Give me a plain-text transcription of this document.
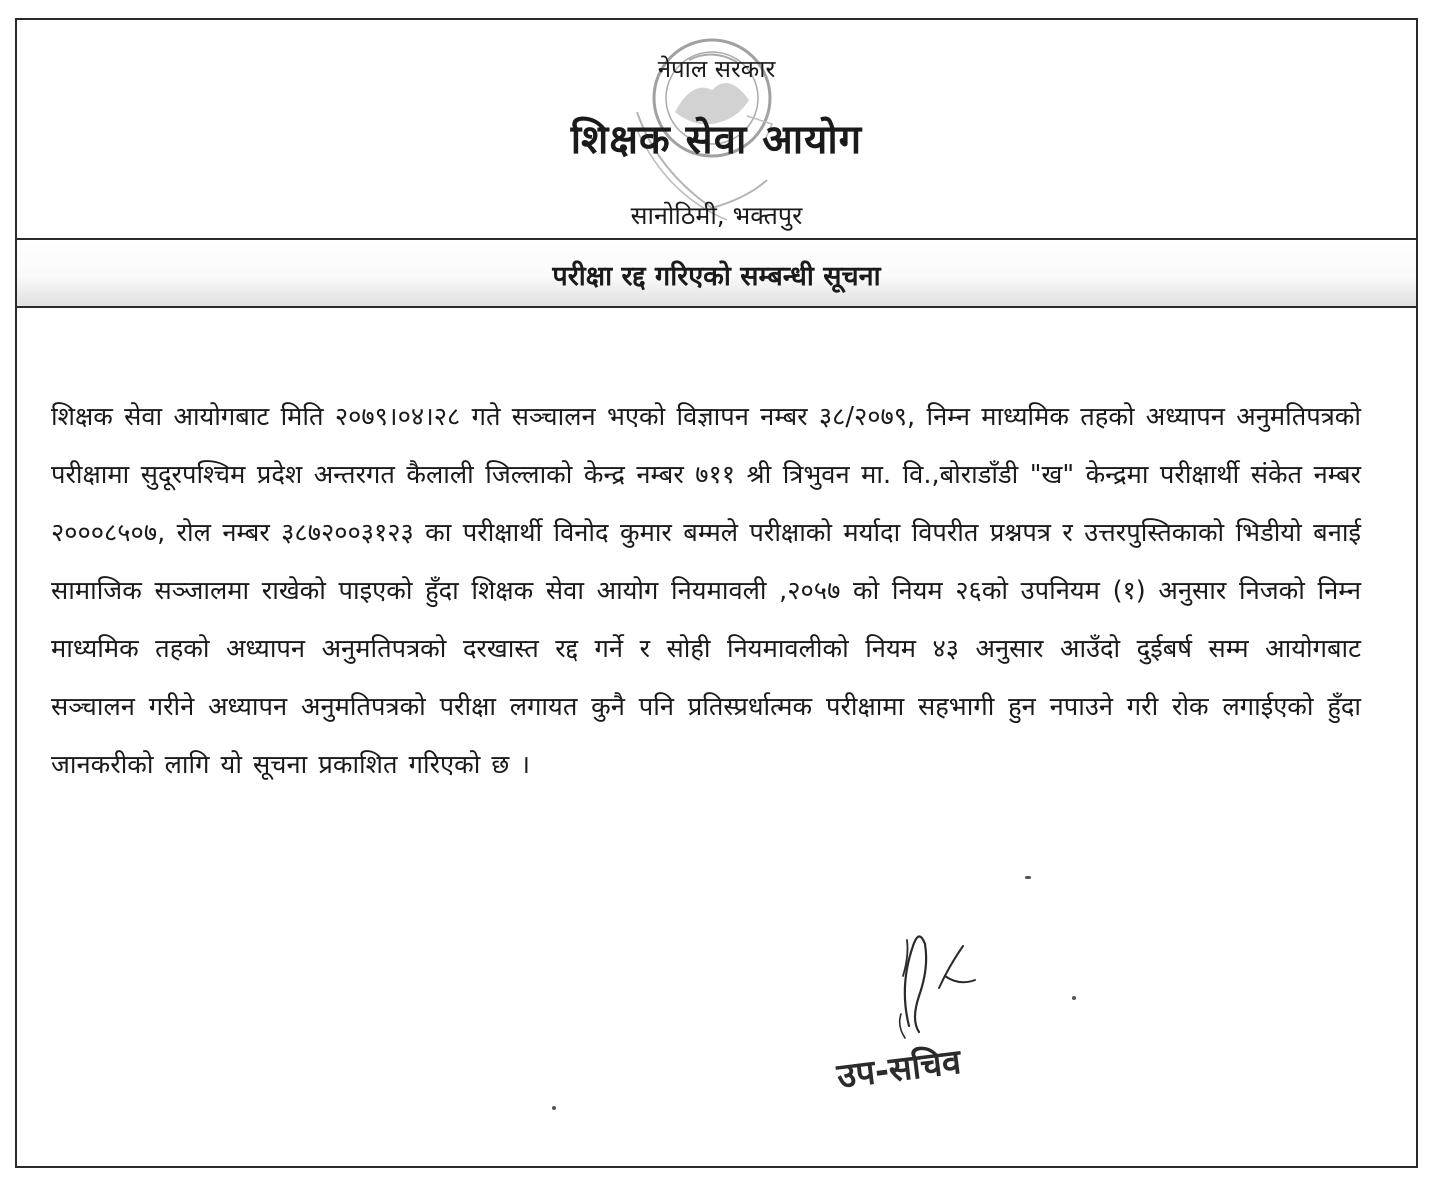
नेपाल सरकार
शिक्षक सेवा आयोग
सानोठिमी, भक्तपुर
परीक्षा रद्द गरिएको सम्बन्धी सूचना
शिक्षक सेवा आयोगबाट मिति २०७९।०४।२८ गते सञ्चालन भएको विज्ञापन नम्बर ३८/२०७९, निम्न माध्यमिक तहको अध्यापन अनुमतिपत्रको परीक्षामा सुदूरपश्चिम प्रदेश अन्तरगत कैलाली जिल्लाको केन्द्र नम्बर ७११ श्री त्रिभुवन मा. वि.,बोराडाँडी "ख" केन्द्रमा परीक्षार्थी संकेत नम्बर २०००८५०७, रोल नम्बर ३८७२००३१२३ का परीक्षार्थी विनोद कुमार बम्मले परीक्षाको मर्यादा विपरीत प्रश्नपत्र र उत्तरपुस्तिकाको भिडीयो बनाई सामाजिक सञ्जालमा राखेको पाइएको हुँदा शिक्षक सेवा आयोग नियमावली ,२०५७ को नियम २६को उपनियम (१) अनुसार निजको निम्न माध्यमिक तहको अध्यापन अनुमतिपत्रको दरखास्त रद्द गर्ने र सोही नियमावलीको नियम ४३ अनुसार आउँदो दुईबर्ष सम्म आयोगबाट सञ्चालन गरीने अध्यापन अनुमतिपत्रको परीक्षा लगायत कुनै पनि प्रतिस्प्रर्धात्मक परीक्षामा सहभागी हुन नपाउने गरी रोक लगाईएको हुँदा जानकरीको लागि यो सूचना प्रकाशित गरिएको छ ।
उप-सचिव
